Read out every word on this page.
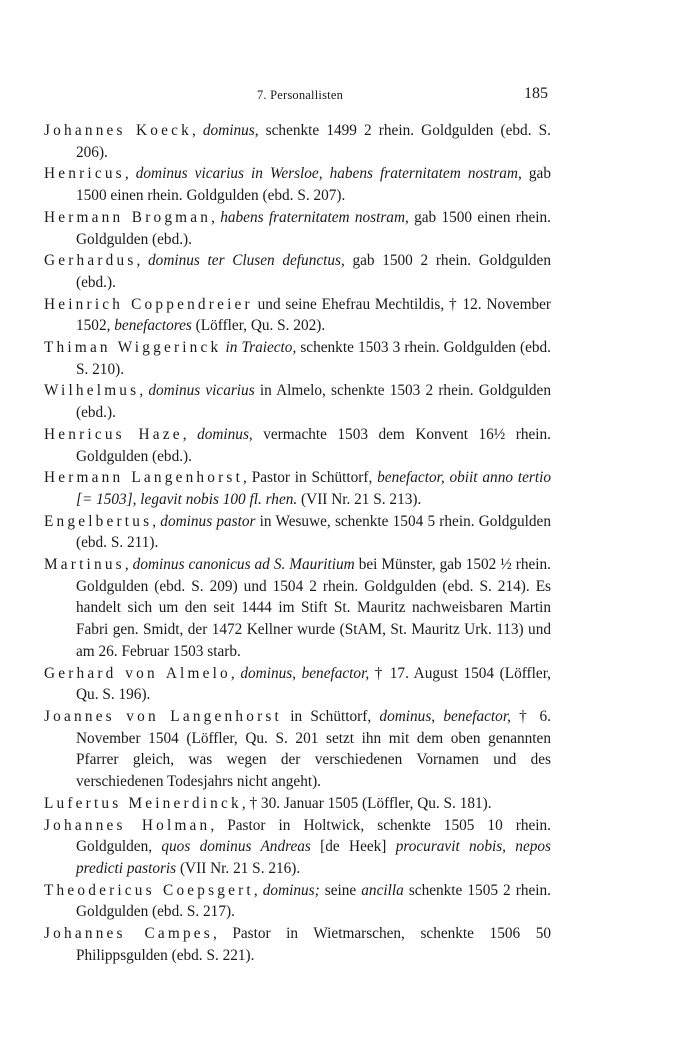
7. Personallisten	185

Johannes Koeck, dominus, schenkte 1499 2 rhein. Goldgulden (ebd. S. 206).

Henricus, dominus vicarius in Wersloe, habens fraternitatem nostram, gab 1500 einen rhein. Goldgulden (ebd. S. 207).

Hermann Brogman, habens fraternitatem nostram, gab 1500 einen rhein. Goldgulden (ebd.).

Gerhardus, dominus ter Clusen defunctus, gab 1500 2 rhein. Goldgulden (ebd.).

Heinrich Coppendreier und seine Ehefrau Mechtildis, † 12. November 1502, benefactores (Löffler, Qu. S. 202).

Thiman Wiggerinck in Traiecto, schenkte 1503 3 rhein. Goldgulden (ebd. S. 210).

Wilhelmus, dominus vicarius in Almelo, schenkte 1503 2 rhein. Goldgulden (ebd.).

Henricus Haze, dominus, vermachte 1503 dem Konvent 16½ rhein. Goldgulden (ebd.).

Hermann Langenhorst, Pastor in Schüttorf, benefactor, obiit anno tertio [= 1503], legavit nobis 100 fl. rhen. (VII Nr. 21 S. 213).

Engelbertus, dominus pastor in Wesuwe, schenkte 1504 5 rhein. Goldgulden (ebd. S. 211).

Martinus, dominus canonicus ad S. Mauritium bei Münster, gab 1502 ½ rhein. Goldgulden (ebd. S. 209) und 1504 2 rhein. Goldgulden (ebd. S. 214). Es handelt sich um den seit 1444 im Stift St. Mauritz nachweisbaren Martin Fabri gen. Smidt, der 1472 Kellner wurde (StAM, St. Mauritz Urk. 113) und am 26. Februar 1503 starb.

Gerhard von Almelo, dominus, benefactor, † 17. August 1504 (Löffler, Qu. S. 196).

Joannes von Langenhorst in Schüttorf, dominus, benefactor, † 6. November 1504 (Löffler, Qu. S. 201 setzt ihn mit dem oben genannten Pfarrer gleich, was wegen der verschiedenen Vornamen und des verschiedenen Todesjahrs nicht angeht).

Lufertus Meinerdinck, † 30. Januar 1505 (Löffler, Qu. S. 181).

Johannes Holman, Pastor in Holtwick, schenkte 1505 10 rhein. Goldgulden, quos dominus Andreas [de Heek] procuravit nobis, nepos predicti pastoris (VII Nr. 21 S. 216).

Theodericus Coepsgert, dominus; seine ancilla schenkte 1505 2 rhein. Goldgulden (ebd. S. 217).

Johannes Campes, Pastor in Wietmarschen, schenkte 1506 50 Philippsgulden (ebd. S. 221).
